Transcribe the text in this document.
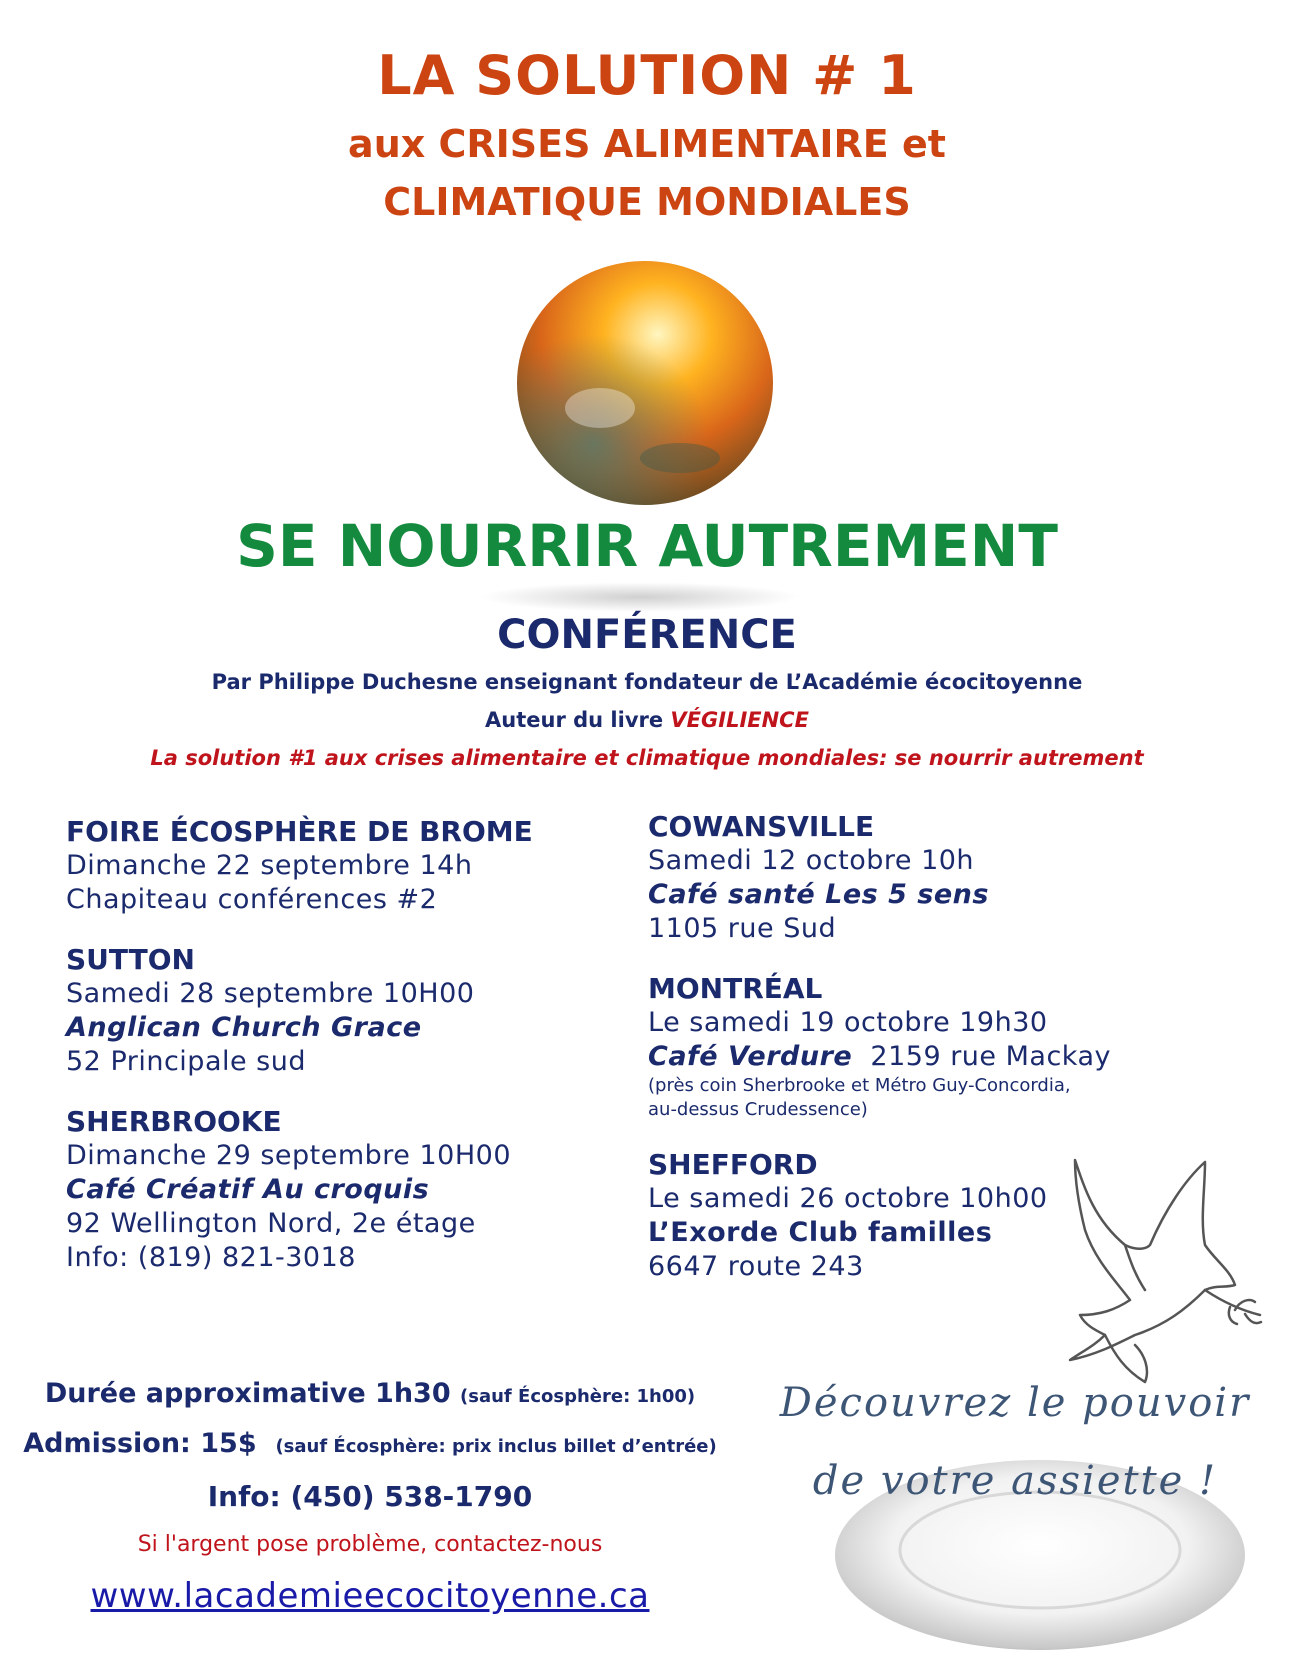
LA SOLUTION # 1
aux CRISES ALIMENTAIRE et
CLIMATIQUE MONDIALES
SE NOURRIR AUTREMENT
CONFÉRENCE
Par Philippe Duchesne enseignant fondateur de L’Académie écocitoyenne
Auteur du livre VÉGILIENCE
La solution #1 aux crises alimentaire et climatique mondiales: se nourrir autrement
FOIRE ÉCOSPHÈRE DE BROME
Dimanche 22 septembre 14h
Chapiteau conférences #2
SUTTON
Samedi 28 septembre 10H00
Anglican Church Grace
52 Principale sud
SHERBROOKE
Dimanche 29 septembre 10H00
Café Créatif Au croquis
92 Wellington Nord, 2e étage
Info: (819) 821-3018
COWANSVILLE
Samedi 12 octobre 10h
Café santé Les 5 sens
1105 rue Sud
MONTRÉAL
Le samedi 19 octobre 19h30
Café Verdure 2159 rue Mackay
(près coin Sherbrooke et Métro Guy-Concordia,
au-dessus Crudessence)
SHEFFORD
Le samedi 26 octobre 10h00
L’Exorde Club familles
6647 route 243
Découvrez le pouvoir
de votre assiette !
Durée approximative 1h30 (sauf Écosphère: 1h00)
Admission: 15$ (sauf Écosphère: prix inclus billet d’entrée)
Info: (450) 538-1790
Si l'argent pose problème, contactez-nous
www.lacademieecocitoyenne.ca
